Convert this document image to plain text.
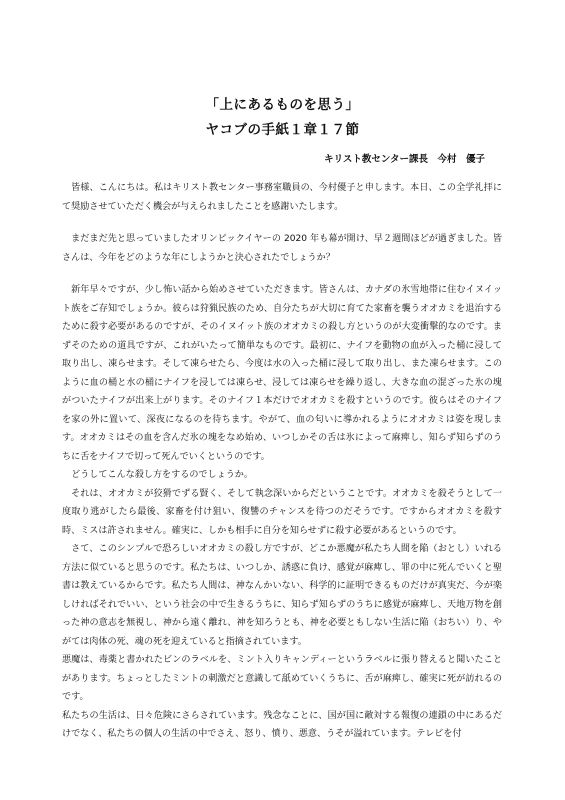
「上にあるものを思う」
ヤコブの手紙１章１７節
キリスト教センター課長　今村　優子

皆様、こんにちは。私はキリスト教センター事務室職員の、今村優子と申します。本日、この全学礼拝にて奨励させていただく機会が与えられましたことを感謝いたします。

まだまだ先と思っていましたオリンピックイヤーの 2020 年も幕が開け、早２週間ほどが過ぎました。皆さんは、今年をどのような年にしようかと決心されたでしょうか？

新年早々ですが、少し怖い話から始めさせていただきます。皆さんは、カナダの氷雪地帯に住むイヌイット族をご存知でしょうか。彼らは狩猟民族のため、自分たちが大切に育てた家畜を襲うオオカミを退治するために殺す必要があるのですが、そのイヌイット族のオオカミの殺し方というのが大変衝撃的なのです。まずそのための道具ですが、これがいたって簡単なものです。最初に、ナイフを動物の血が入った桶に浸して取り出し、凍らせます。そして凍らせたら、今度は水の入った桶に浸して取り出し、また凍らせます。このように血の桶と水の桶にナイフを浸しては凍らせ、浸しては凍らせを繰り返し、大きな血の混ざった氷の塊がついたナイフが出来上がります。そのナイフ１本だけでオオカミを殺すというのです。彼らはそのナイフを家の外に置いて、深夜になるのを待ちます。やがて、血の匂いに導かれるようにオオカミは姿を現します。オオカミはその血を含んだ氷の塊をなめ始め、いつしかその舌は氷によって麻痺し、知らず知らずのうちに舌をナイフで切って死んでいくというのです。

どうしてこんな殺し方をするのでしょうか。

それは、オオカミが狡猾でずる賢く、そして執念深いからだということです。オオカミを殺そうとして一度取り逃がしたら最後、家畜を付け狙い、復讐のチャンスを待つのだそうです。ですからオオカミを殺す時、ミスは許されません。確実に、しかも相手に自分を知らせずに殺す必要があるというのです。

さて、このシンプルで恐ろしいオオカミの殺し方ですが、どこか悪魔が私たち人間を陥（おとし）いれる方法に似ていると思うのです。私たちは、いつしか、誘惑に負け、感覚が麻痺し、罪の中に死んでいくと聖書は教えているからです。私たち人間は、神なんかいない、科学的に証明できるものだけが真実だ、今が楽しければそれでいい、という社会の中で生きるうちに、知らず知らずのうちに感覚が麻痺し、天地万物を創った神の意志を無視し、神から遠く離れ、神を知ろうとも、神を必要ともしない生活に陥（おちい）り、やがては肉体の死、魂の死を迎えていると指摘されています。

悪魔は、毒薬と書かれたビンのラベルを、ミント入りキャンディーというラベルに張り替えると聞いたことがあります。ちょっとしたミントの刺激だと意識して舐めていくうちに、舌が麻痺し、確実に死が訪れるのです。

私たちの生活は、日々危険にさらされています。残念なことに、国が国に敵対する報復の連鎖の中にあるだけでなく、私たちの個人の生活の中でさえ、怒り、憤り、悪意、うそが溢れています。テレビを付
